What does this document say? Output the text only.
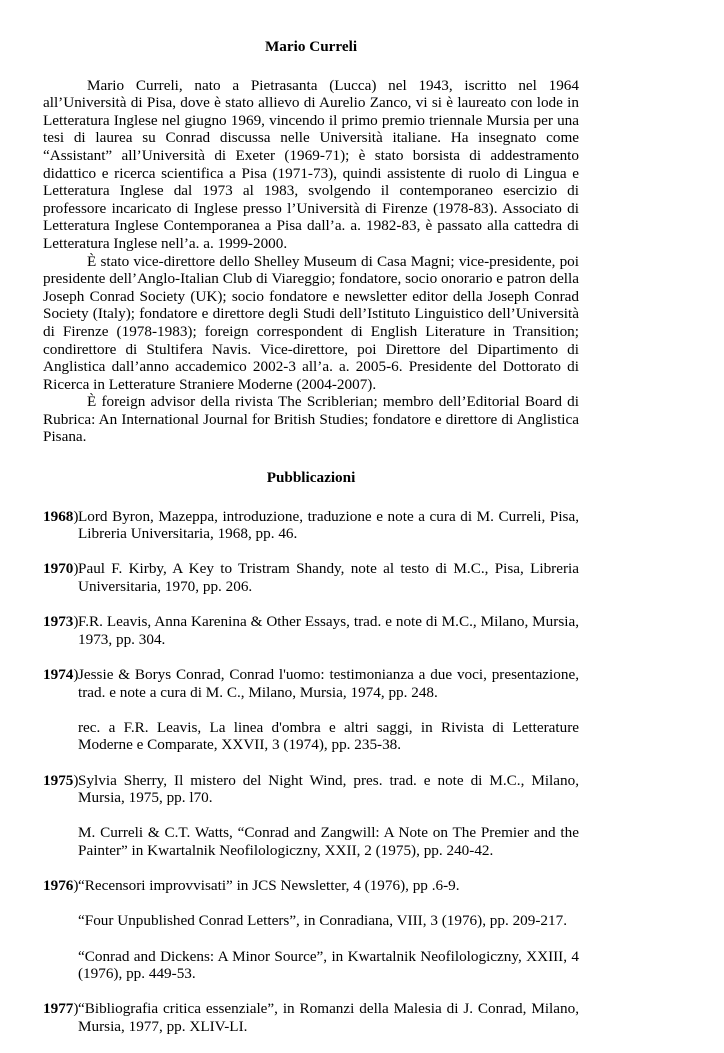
Mario Curreli

Mario Curreli, nato a Pietrasanta (Lucca) nel 1943, iscritto nel 1964 all’Università di Pisa, dove è stato allievo di Aurelio Zanco, vi si è laureato con lode in Letteratura Inglese nel giugno 1969, vincendo il primo premio triennale Mursia per una tesi di laurea su Conrad discussa nelle Università italiane. Ha insegnato come “Assistant” all’Università di Exeter (1969-71); è stato borsista di addestramento didattico e ricerca scientifica a Pisa (1971-73), quindi assistente di ruolo di Lingua e Letteratura Inglese dal 1973 al 1983, svolgendo il contemporaneo esercizio di professore incaricato di Inglese presso l’Università di Firenze (1978-83). Associato di Letteratura Inglese Contemporanea a Pisa dall’a. a. 1982-83, è passato alla cattedra di Letteratura Inglese nell’a. a. 1999-2000.

È stato vice-direttore dello Shelley Museum di Casa Magni; vice-presidente, poi presidente dell’Anglo-Italian Club di Viareggio; fondatore, socio onorario e patron della Joseph Conrad Society (UK); socio fondatore e newsletter editor della Joseph Conrad Society (Italy); fondatore e direttore degli Studi dell’Istituto Linguistico dell’Università di Firenze (1978-1983); foreign correspondent di English Literature in Transition; condirettore di Stultifera Navis. Vice-direttore, poi Direttore del Dipartimento di Anglistica dall’anno accademico 2002-3 all’a. a. 2005-6. Presidente del Dottorato di Ricerca in Letterature Straniere Moderne (2004-2007).

È foreign advisor della rivista The Scriblerian; membro dell’Editorial Board di Rubrica: An International Journal for British Studies; fondatore e direttore di Anglistica Pisana.

Pubblicazioni
1968) Lord Byron, Mazeppa, introduzione, traduzione e note a cura di M. Curreli, Pisa, Libreria Universitaria, 1968, pp. 46.
1970) Paul F. Kirby, A Key to Tristram Shandy, note al testo di M.C., Pisa, Libreria Universitaria, 1970, pp. 206.
1973) F.R. Leavis, Anna Karenina & Other Essays, trad. e note di M.C., Milano, Mursia, 1973, pp. 304.
1974) Jessie & Borys Conrad, Conrad l'uomo: testimonianza a due voci, presentazione, trad. e note a cura di M. C., Milano, Mursia, 1974, pp. 248.
rec. a F.R. Leavis, La linea d'ombra e altri saggi, in Rivista di Letterature Moderne e Comparate, XXVII, 3 (1974), pp. 235-38.
1975) Sylvia Sherry, Il mistero del Night Wind, pres. trad. e note di M.C., Milano, Mursia, 1975, pp. l70.
M. Curreli & C.T. Watts, “Conrad and Zangwill: A Note on The Premier and the Painter” in Kwartalnik Neofilologiczny, XXII, 2 (1975), pp. 240-42.
1976) “Recensori improvvisati” in JCS Newsletter, 4 (1976), pp .6-9.
“Four Unpublished Conrad Letters”, in Conradiana, VIII, 3 (1976), pp. 209-217.
“Conrad and Dickens: A Minor Source”, in Kwartalnik Neofilologiczny, XXIII, 4 (1976), pp. 449-53.
1977) “Bibliografia critica essenziale”, in Romanzi della Malesia di J. Conrad, Milano, Mursia, 1977, pp. XLIV-LI.
